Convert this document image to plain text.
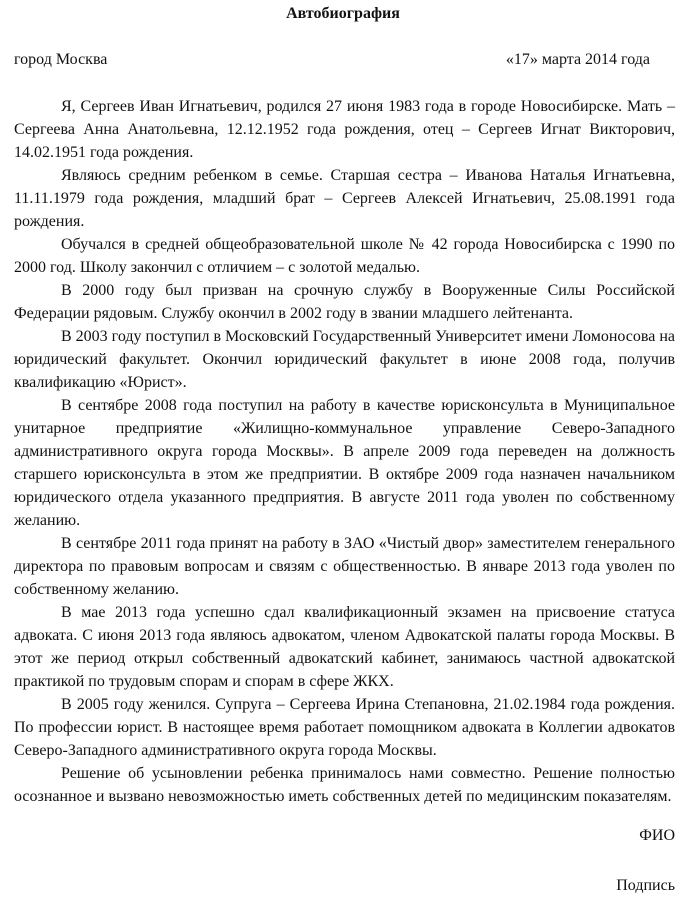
Автобиография
город Москва	«17» марта 2014 года

Я, Сергеев Иван Игнатьевич, родился 27 июня 1983 года в городе Новосибирске. Мать – Сергеева Анна Анатольевна, 12.12.1952 года рождения, отец – Сергеев Игнат Викторович, 14.02.1951 года рождения.

Являюсь средним ребенком в семье. Старшая сестра – Иванова Наталья Игнатьевна, 11.11.1979 года рождения, младший брат – Сергеев Алексей Игнатьевич, 25.08.1991 года рождения.

Обучался в средней общеобразовательной школе № 42 города Новосибирска с 1990 по 2000 год. Школу закончил с отличием – с золотой медалью.

В 2000 году был призван на срочную службу в Вооруженные Силы Российской Федерации рядовым. Службу окончил в 2002 году в звании младшего лейтенанта.

В 2003 году поступил в Московский Государственный Университет имени Ломоносова на юридический факультет. Окончил юридический факультет в июне 2008 года, получив квалификацию «Юрист».

В сентябре 2008 года поступил на работу в качестве юрисконсульта в Муниципальное унитарное предприятие «Жилищно-коммунальное управление Северо-Западного административного округа города Москвы». В апреле 2009 года переведен на должность старшего юрисконсульта в этом же предприятии. В октябре 2009 года назначен начальником юридического отдела указанного предприятия. В августе 2011 года уволен по собственному желанию.

В сентябре 2011 года принят на работу в ЗАО «Чистый двор» заместителем генерального директора по правовым вопросам и связям с общественностью. В январе 2013 года уволен по собственному желанию.

В мае 2013 года успешно сдал квалификационный экзамен на присвоение статуса адвоката. С июня 2013 года являюсь адвокатом, членом Адвокатской палаты города Москвы. В этот же период открыл собственный адвокатский кабинет, занимаюсь частной адвокатской практикой по трудовым спорам и спорам в сфере ЖКХ.

В 2005 году женился. Супруга – Сергеева Ирина Степановна, 21.02.1984 года рождения. По профессии юрист. В настоящее время работает помощником адвоката в Коллегии адвокатов Северо-Западного административного округа города Москвы.

Решение об усыновлении ребенка принималось нами совместно. Решение полностью осознанное и вызвано невозможностью иметь собственных детей по медицинским показателям.

ФИО
Подпись
